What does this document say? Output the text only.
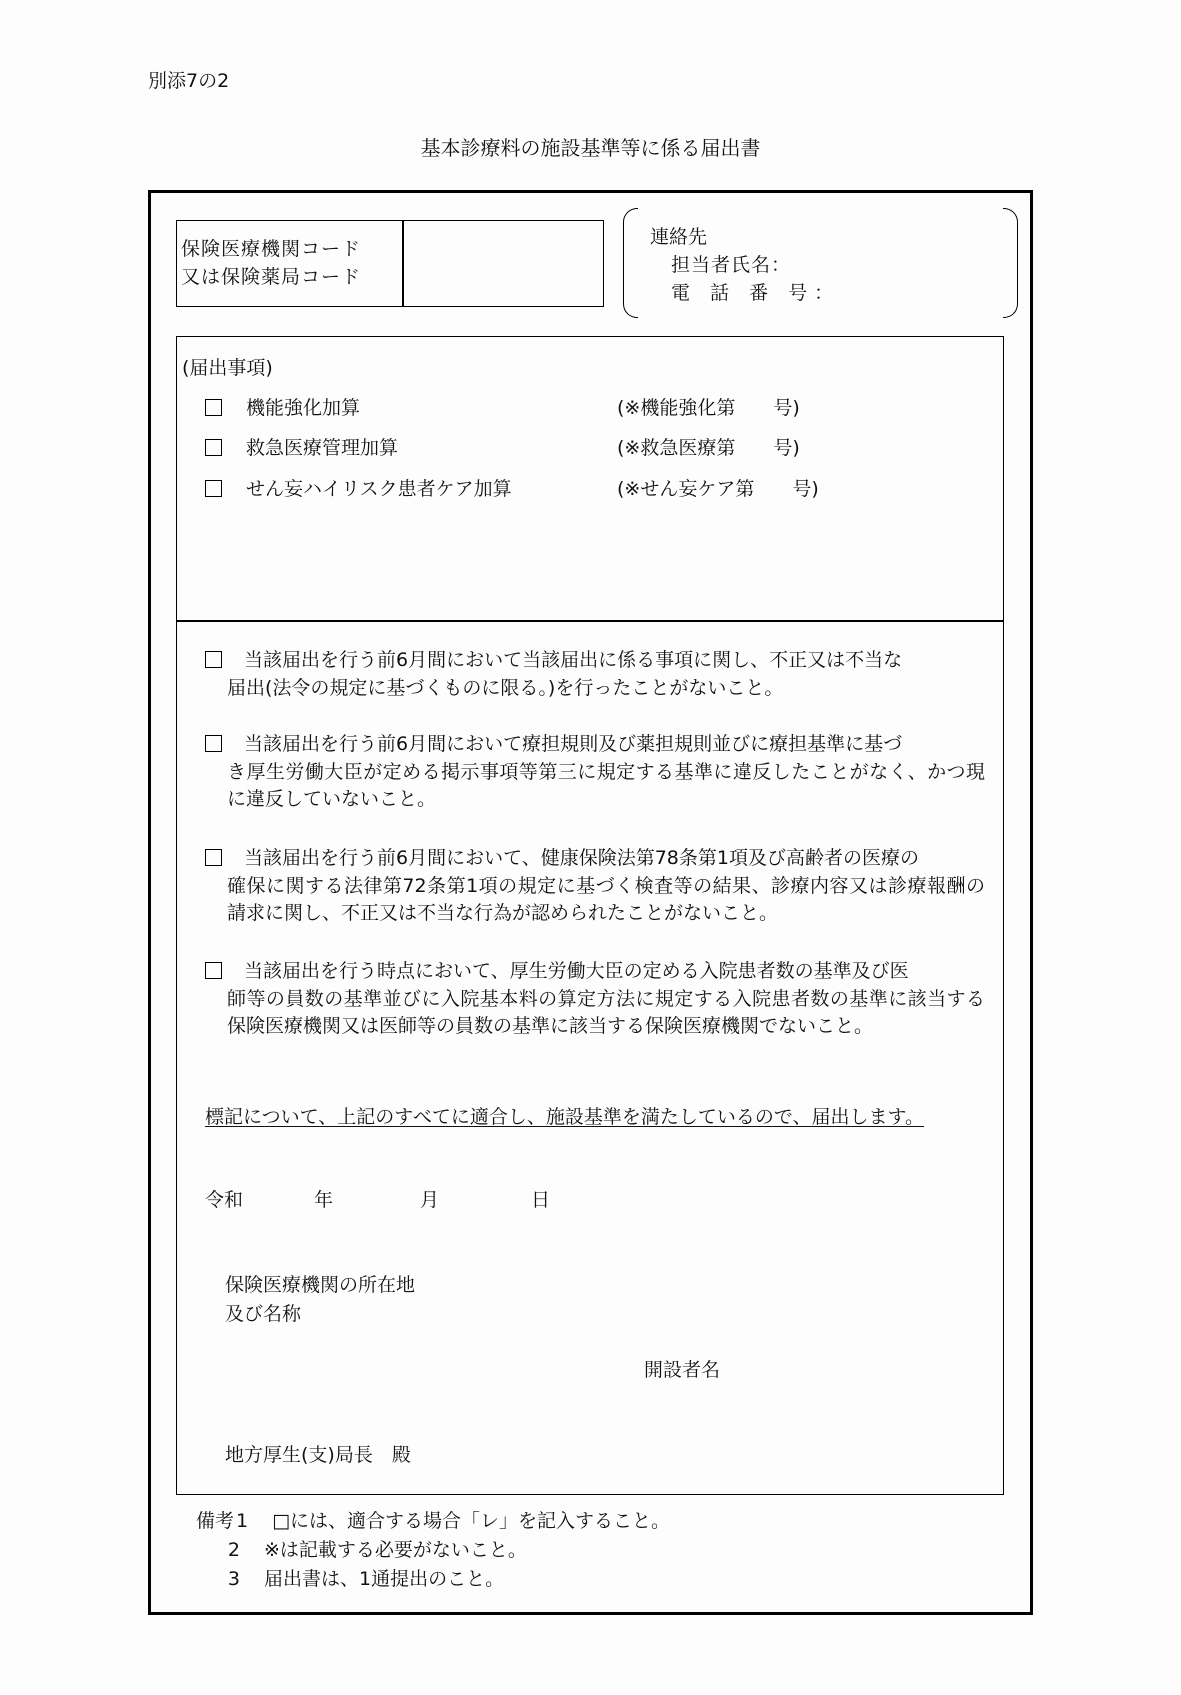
別添7の2
基本診療料の施設基準等に係る届出書
保険医療機関コード
又は保険薬局コード
連絡先
担当者氏名：
電 話 番 号：
(届出事項)
機能強化加算	(※機能強化第　　号)
救急医療管理加算	(※救急医療第　　号)
せん妄ハイリスク患者ケア加算	(※せん妄ケア第　　号)
当該届出を行う前6月間において当該届出に係る事項に関し、不正又は不当な
届出(法令の規定に基づくものに限る。)を行ったことがないこと。
当該届出を行う前6月間において療担規則及び薬担規則並びに療担基準に基づ
き厚生労働大臣が定める掲示事項等第三に規定する基準に違反したことがなく、かつ現に違反していないこと。
当該届出を行う前6月間において、健康保険法第78条第1項及び高齢者の医療の
確保に関する法律第72条第1項の規定に基づく検査等の結果、診療内容又は診療報酬の請求に関し、不正又は不当な行為が認められたことがないこと。
当該届出を行う時点において、厚生労働大臣の定める入院患者数の基準及び医
師等の員数の基準並びに入院基本料の算定方法に規定する入院患者数の基準に該当する保険医療機関又は医師等の員数の基準に該当する保険医療機関でないこと。
標記について、上記のすべてに適合し、施設基準を満たしているので、届出します。
令和	年	月	日
保険医療機関の所在地
及び名称
開設者名
地方厚生(支)局長　殿
備考 1	□には、適合する場合「レ」を記入すること。
2	※は記載する必要がないこと。
3	届出書は、1通提出のこと。
